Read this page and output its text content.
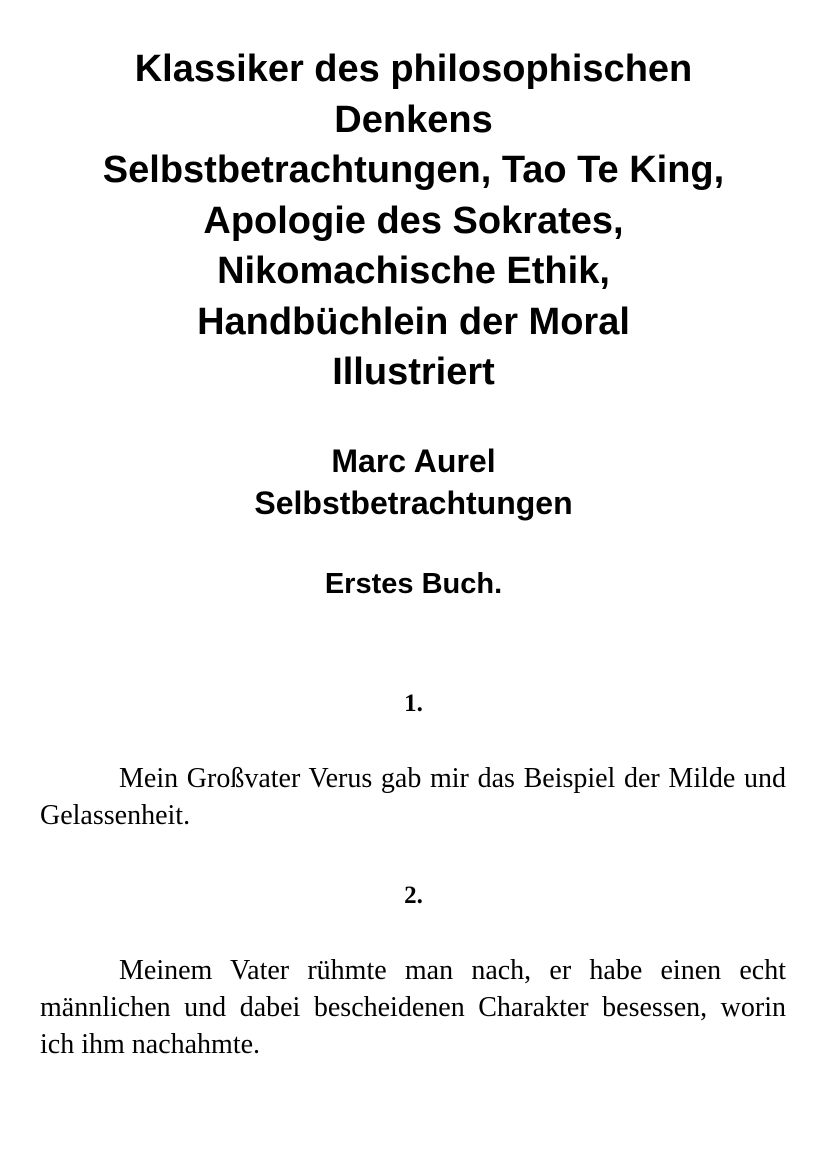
Klassiker des philosophischen
Denkens
Selbstbetrachtungen, Tao Te King,
Apologie des Sokrates,
Nikomachische Ethik,
Handbüchlein der Moral
Illustriert
Marc Aurel
Selbstbetrachtungen
Erstes Buch.
1.

Mein Großvater Verus gab mir das Beispiel der Milde und Gelassenheit.

2.

Meinem Vater rühmte man nach, er habe einen echt männlichen und dabei bescheidenen Charakter besessen, worin ich ihm nachahmte.
